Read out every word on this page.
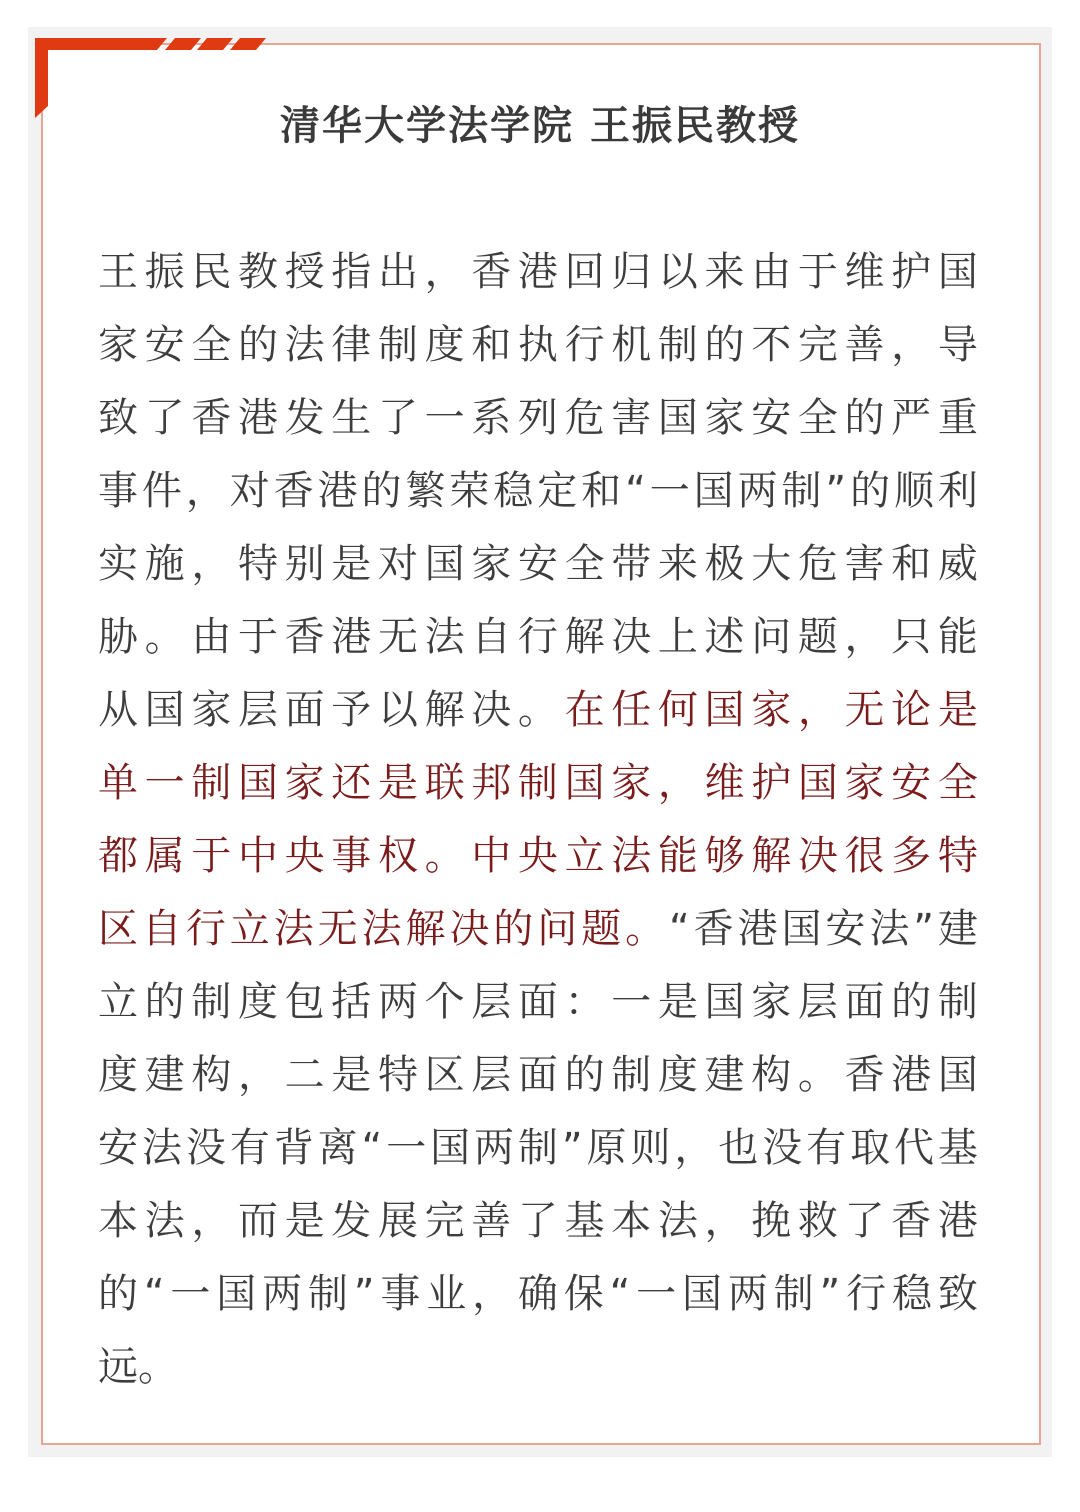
清华大学法学院 王振民教授
王 振 民 教 授 指 出 ， 香 港 回 归 以 来 由 于 维 护 国
家 安 全 的 法 律 制 度 和 执 行 机 制 的 不 完 善 ， 导
致 了 香 港 发 生 了 一 系 列 危 害 国 家 安 全 的 严 重
事 件 ， 对 香 港 的 繁 荣 稳 定 和 “ 一 国 两 制 ” 的 顺 利
实 施 ， 特 别 是 对 国 家 安 全 带 来 极 大 危 害 和 威
胁 。 由 于 香 港 无 法 自 行 解 决 上 述 问 题 ， 只 能
从 国 家 层 面 予 以 解 决 。 在 任 何 国 家 ， 无 论 是
单 一 制 国 家 还 是 联 邦 制 国 家 ， 维 护 国 家 安 全
都 属 于 中 央 事 权 。 中 央 立 法 能 够 解 决 很 多 特
区 自 行 立 法 无 法 解 决 的 问 题 。 “ 香 港 国 安 法 ” 建
立 的 制 度 包 括 两 个 层 面 ： 一 是 国 家 层 面 的 制
度 建 构 ， 二 是 特 区 层 面 的 制 度 建 构 。 香 港 国
安 法 没 有 背 离 “ 一 国 两 制 ” 原 则 ， 也 没 有 取 代 基
本 法 ， 而 是 发 展 完 善 了 基 本 法 ， 挽 救 了 香 港
的 “ 一 国 两 制 ” 事 业 ， 确 保 “ 一 国 两 制 ” 行 稳 致
远 。
